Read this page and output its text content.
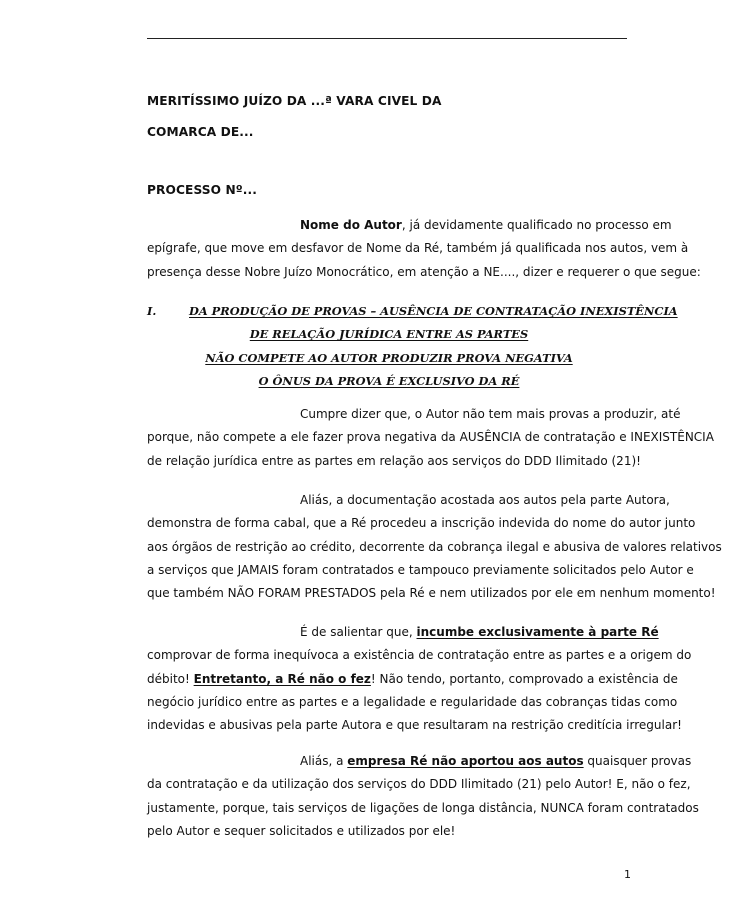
MERITÍSSIMO JUÍZO DA ...ª VARA CIVEL DA

COMARCA DE...

PROCESSO Nº...

Nome do Autor, já devidamente qualificado no processo em
epígrafe, que move em desfavor de Nome da Ré, também já qualificada nos autos, vem à
presença desse Nobre Juízo Monocrático, em atenção a NE...., dizer e requerer o que segue:
I.	DA PRODUÇÃO DE PROVAS – AUSÊNCIA DE CONTRATAÇÃO INEXISTÊNCIA
DE RELAÇÃO JURÍDICA ENTRE AS PARTES
NÃO COMPETE AO AUTOR PRODUZIR PROVA NEGATIVA
O ÔNUS DA PROVA É EXCLUSIVO DA RÉ
Cumpre dizer que, o Autor não tem mais provas a produzir, até
porque, não compete a ele fazer prova negativa da AUSÊNCIA de contratação e INEXISTÊNCIA
de relação jurídica entre as partes em relação aos serviços do DDD Ilimitado (21)!
Aliás, a documentação acostada aos autos pela parte Autora,
demonstra de forma cabal, que a Ré procedeu a inscrição indevida do nome do autor junto
aos órgãos de restrição ao crédito, decorrente da cobrança ilegal e abusiva de valores relativos
a serviços que JAMAIS foram contratados e tampouco previamente solicitados pelo Autor e
que também NÃO FORAM PRESTADOS pela Ré e nem utilizados por ele em nenhum momento!
É de salientar que, incumbe exclusivamente à parte Ré
comprovar de forma inequívoca a existência de contratação entre as partes e a origem do
débito! Entretanto, a Ré não o fez! Não tendo, portanto, comprovado a existência de
negócio jurídico entre as partes e a legalidade e regularidade das cobranças tidas como
indevidas e abusivas pela parte Autora e que resultaram na restrição creditícia irregular!
Aliás, a empresa Ré não aportou aos autos quaisquer provas
da contratação e da utilização dos serviços do DDD Ilimitado (21) pelo Autor! E, não o fez,
justamente, porque, tais serviços de ligações de longa distância, NUNCA foram contratados
pelo Autor e sequer solicitados e utilizados por ele!

1
